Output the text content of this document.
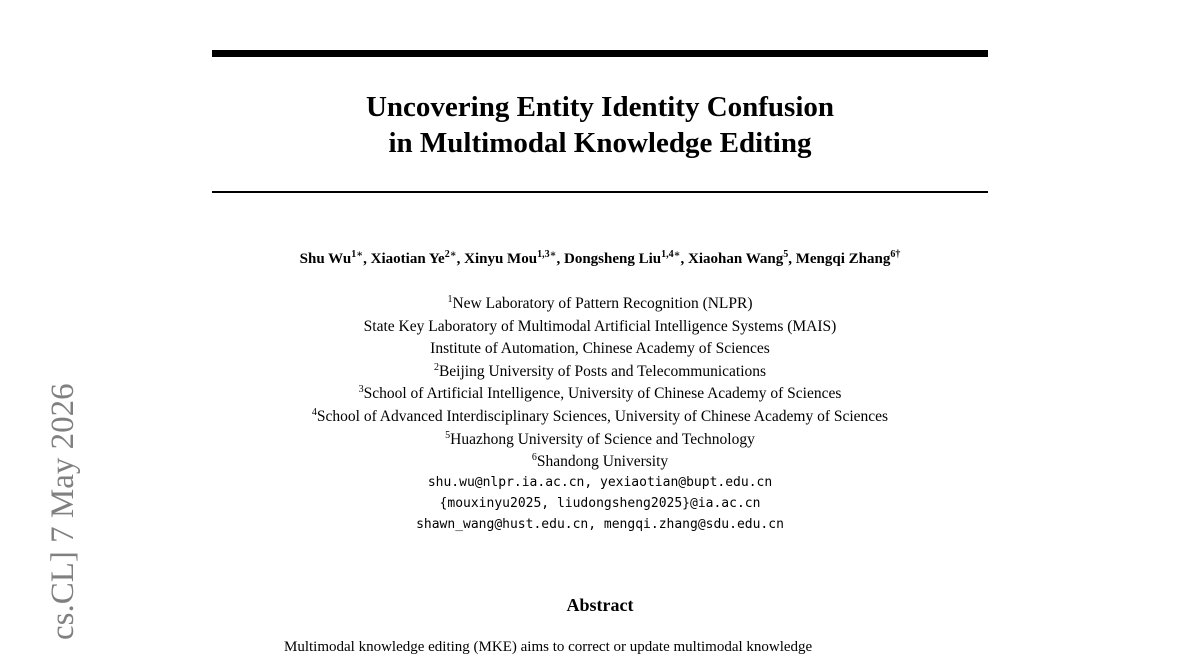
Uncovering Entity Identity Confusion
in Multimodal Knowledge Editing
Shu $Wu^{1∗}$, Xiaotian $Ye^{2∗}$, Xinyu Mou$^{1,3∗}$, Dongsheng Liu$^{1,4∗}$, Xiaohan Wang$^5$, Mengqi Zhang$^{6\dagger}$
$^1$New Laboratory of Pattern Recognition (NLPR)
State Key Laboratory of Multimodal Artificial Intelligence Systems (MAIS)
Institute of Automation, Chinese Academy of Sciences
$^2$Beijing University of Posts and Telecommunications
$^3$School of Artificial Intelligence, University of Chinese Academy of Sciences
$^4$School of Advanced Interdisciplinary Sciences, University of Chinese Academy of Sciences
$^5$Huazhong University of Science and Technology
$^6$Shandong University
shu.wu@nlpr.ia.ac.cn, yexiaotian@bupt.edu.cn
{mouxinyu2025, liudongsheng2025}@ia.ac.cn
shawn_wang@hust.edu.cn, mengqi.zhang@sdu.edu.cn
Abstract
Multimodal knowledge editing (MKE) aims to correct or update multimodal knowledge
cs.CL] 7 May 2026
